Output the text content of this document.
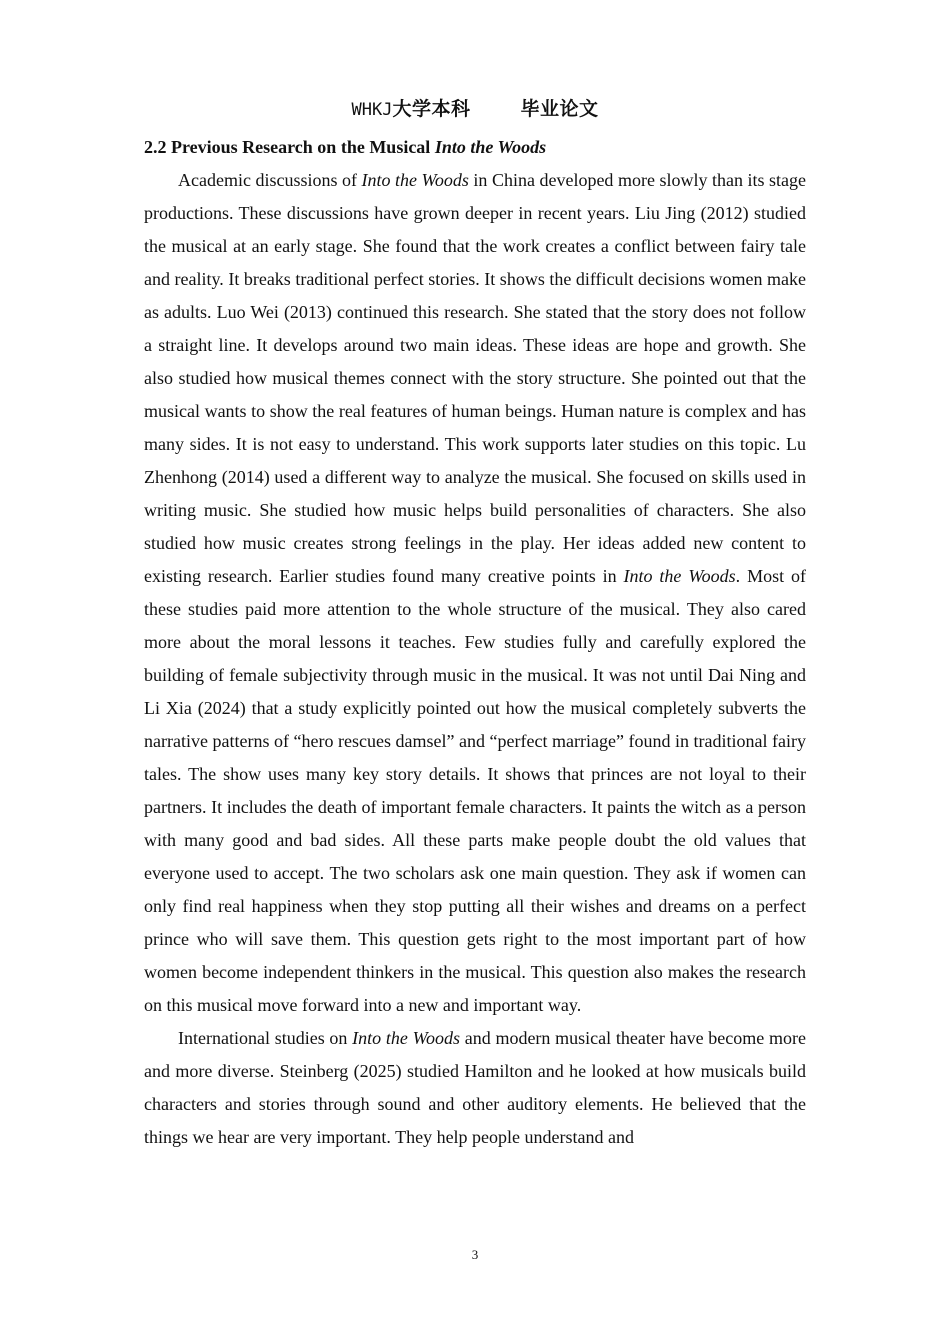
WHKJ大学本科	毕业论文
2.2 Previous Research on the Musical Into the Woods

Academic discussions of Into the Woods in China developed more slowly than its stage productions. These discussions have grown deeper in recent years. Liu Jing (2012) studied the musical at an early stage. She found that the work creates a conflict between fairy tale and reality. It breaks traditional perfect stories. It shows the difficult decisions women make as adults. Luo Wei (2013) continued this research. She stated that the story does not follow a straight line. It develops around two main ideas. These ideas are hope and growth. She also studied how musical themes connect with the story structure. She pointed out that the musical wants to show the real features of human beings. Human nature is complex and has many sides. It is not easy to understand. This work supports later studies on this topic. Lu Zhenhong (2014) used a different way to analyze the musical. She focused on skills used in writing music. She studied how music helps build personalities of characters. She also studied how music creates strong feelings in the play. Her ideas added new content to existing research. Earlier studies found many creative points in Into the Woods. Most of these studies paid more attention to the whole structure of the musical. They also cared more about the moral lessons it teaches. Few studies fully and carefully explored the building of female subjectivity through music in the musical. It was not until Dai Ning and Li Xia (2024) that a study explicitly pointed out how the musical completely subverts the narrative patterns of “hero rescues damsel” and “perfect marriage” found in traditional fairy tales. The show uses many key story details. It shows that princes are not loyal to their partners. It includes the death of important female characters. It paints the witch as a person with many good and bad sides. All these parts make people doubt the old values that everyone used to accept. The two scholars ask one main question. They ask if women can only find real happiness when they stop putting all their wishes and dreams on a perfect prince who will save them. This question gets right to the most important part of how women become independent thinkers in the musical. This question also makes the research on this musical move forward into a new and important way.

International studies on Into the Woods and modern musical theater have become more and more diverse. Steinberg (2025) studied Hamilton and he looked at how musicals build characters and stories through sound and other auditory elements. He believed that the things we hear are very important. They help people understand and

3
